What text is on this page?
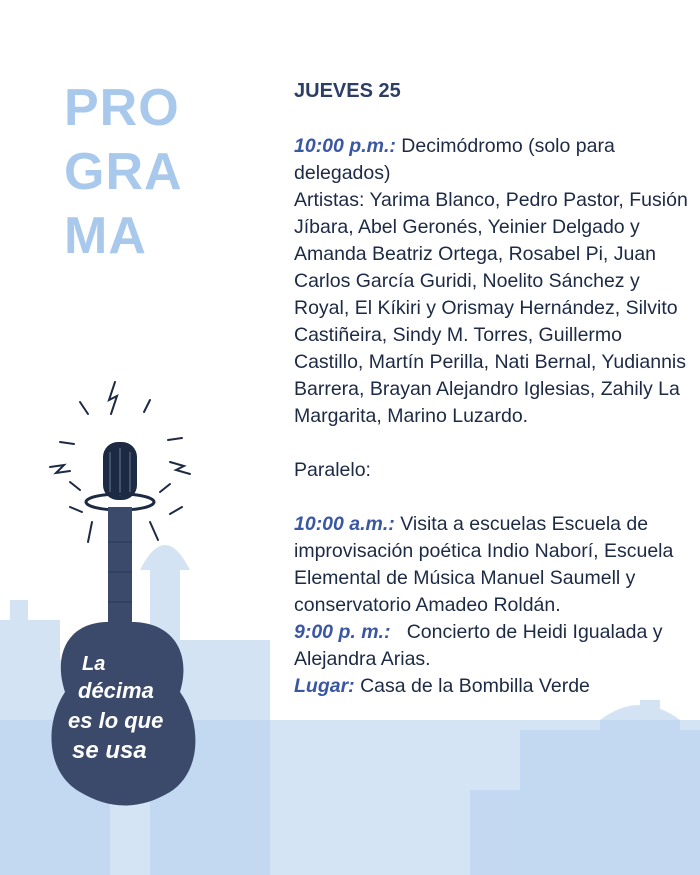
PRO
GRA
MA
La
décima
es lo que
se usa
JUEVES 25
10:00 p.m.: Decimódromo (solo para delegados)
Artistas: Yarima Blanco, Pedro Pastor, Fusión Jíbara, Abel Geronés, Yeinier Delgado y Amanda Beatriz Ortega, Rosabel Pi, Juan Carlos García Guridi, Noelito Sánchez y Royal, El Kíkiri y Orismay Hernández, Silvito Castiñeira, Sindy M. Torres, Guillermo Castillo, Martín Perilla, Nati Bernal, Yudiannis Barrera, Brayan Alejandro Iglesias, Zahily La Margarita, Marino Luzardo.
Paralelo:
10:00 a.m.: Visita a escuelas Escuela de improvisación poética Indio Naborí, Escuela Elemental de Música Manuel Saumell y conservatorio Amadeo Roldán.
9:00 p. m.:   Concierto de Heidi Igualada y Alejandra Arias.
Lugar: Casa de la Bombilla Verde
